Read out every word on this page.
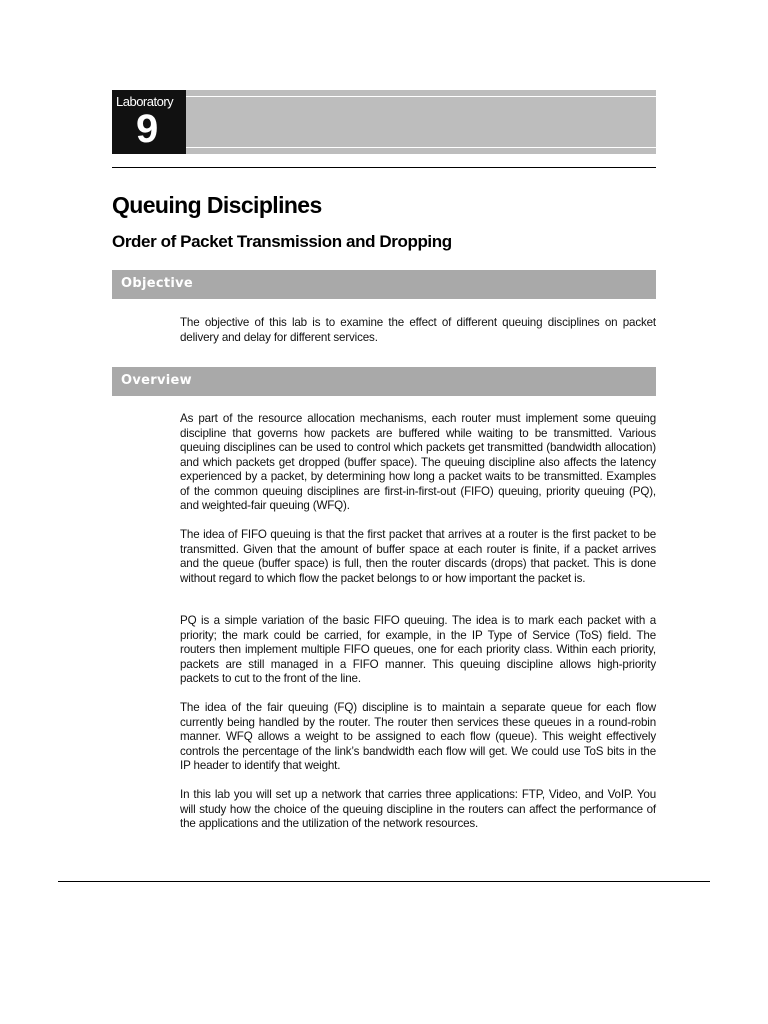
Laboratory
9
Queuing Disciplines
Order of Packet Transmission and Dropping
Objective

The objective of this lab is to examine the effect of different queuing disciplines on packet delivery and delay for different services.

Overview

As part of the resource allocation mechanisms, each router must implement some queuing discipline that governs how packets are buffered while waiting to be transmitted. Various queuing disciplines can be used to control which packets get transmitted (bandwidth allocation) and which packets get dropped (buffer space). The queuing discipline also affects the latency experienced by a packet, by determining how long a packet waits to be transmitted. Examples of the common queuing disciplines are first-in-first-out (FIFO) queuing, priority queuing (PQ), and weighted-fair queuing (WFQ).

The idea of FIFO queuing is that the first packet that arrives at a router is the first packet to be transmitted. Given that the amount of buffer space at each router is finite, if a packet arrives and the queue (buffer space) is full, then the router discards (drops) that packet. This is done without regard to which flow the packet belongs to or how important the packet is.

PQ is a simple variation of the basic FIFO queuing. The idea is to mark each packet with a priority; the mark could be carried, for example, in the IP Type of Service (ToS) field. The routers then implement multiple FIFO queues, one for each priority class. Within each priority, packets are still managed in a FIFO manner. This queuing discipline allows high-priority packets to cut to the front of the line.

The idea of the fair queuing (FQ) discipline is to maintain a separate queue for each flow currently being handled by the router. The router then services these queues in a round-robin manner. WFQ allows a weight to be assigned to each flow (queue). This weight effectively controls the percentage of the link’s bandwidth each flow will get. We could use ToS bits in the IP header to identify that weight.

In this lab you will set up a network that carries three applications: FTP, Video, and VoIP. You will study how the choice of the queuing discipline in the routers can affect the performance of the applications and the utilization of the network resources.
